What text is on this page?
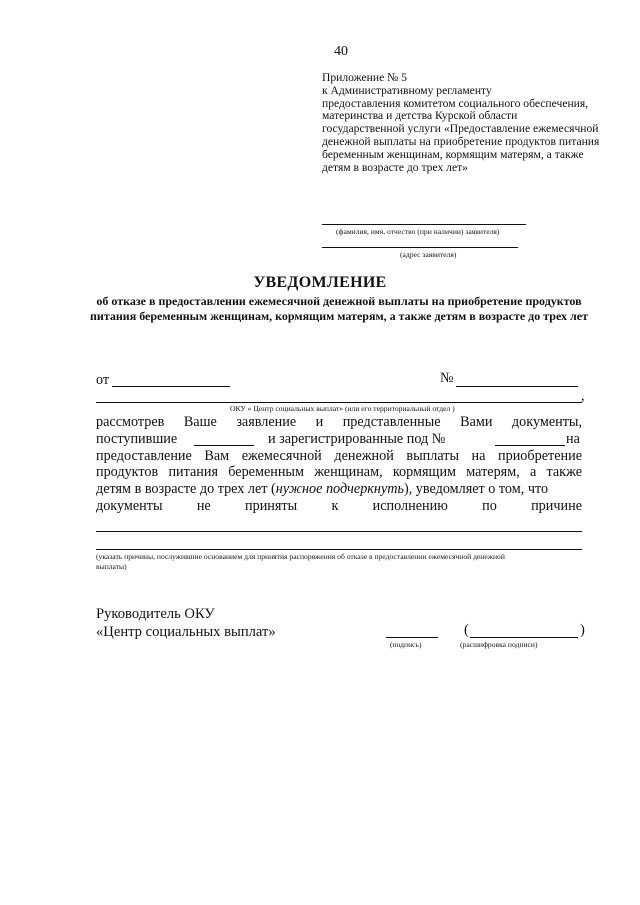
40
Приложение № 5
к Административному регламенту
предоставления комитетом социального обеспечения,
материнства и детства Курской области
государственной услуги «Предоставление ежемесячной
денежной выплаты на приобретение продуктов питания
беременным женщинам, кормящим матерям, а также
детям в возрасте до трех лет»
(фамилия, имя, отчество (при наличии) заявителя)
(адрес заявителя)
УВЕДОМЛЕНИЕ
об отказе в предоставлении ежемесячной денежной выплаты на приобретение продуктов питания беременным женщинам, кормящим матерям, а также детям в возрасте до трех лет
от	№
,
ОКУ « Центр социальных выплат» (или его территориальный отдел )
рассмотрев Ваше заявление и представленные Вами документы,
поступившие	и зарегистрированные под №	на
предоставление Вам ежемесячной денежной выплаты на приобретение
продуктов питания беременным женщинам, кормящим матерям, а также
детям в возрасте до трех лет (нужное подчеркнуть), уведомляет о том, что
документы не приняты к исполнению по причине
(указать причины, послужившие основанием для принятия распоряжения об отказе в предоставлении ежемесячной денежной
выплаты)
Руководитель ОКУ
«Центр социальных выплат»
(подпись)
(	)
(расшифровка подписи)
